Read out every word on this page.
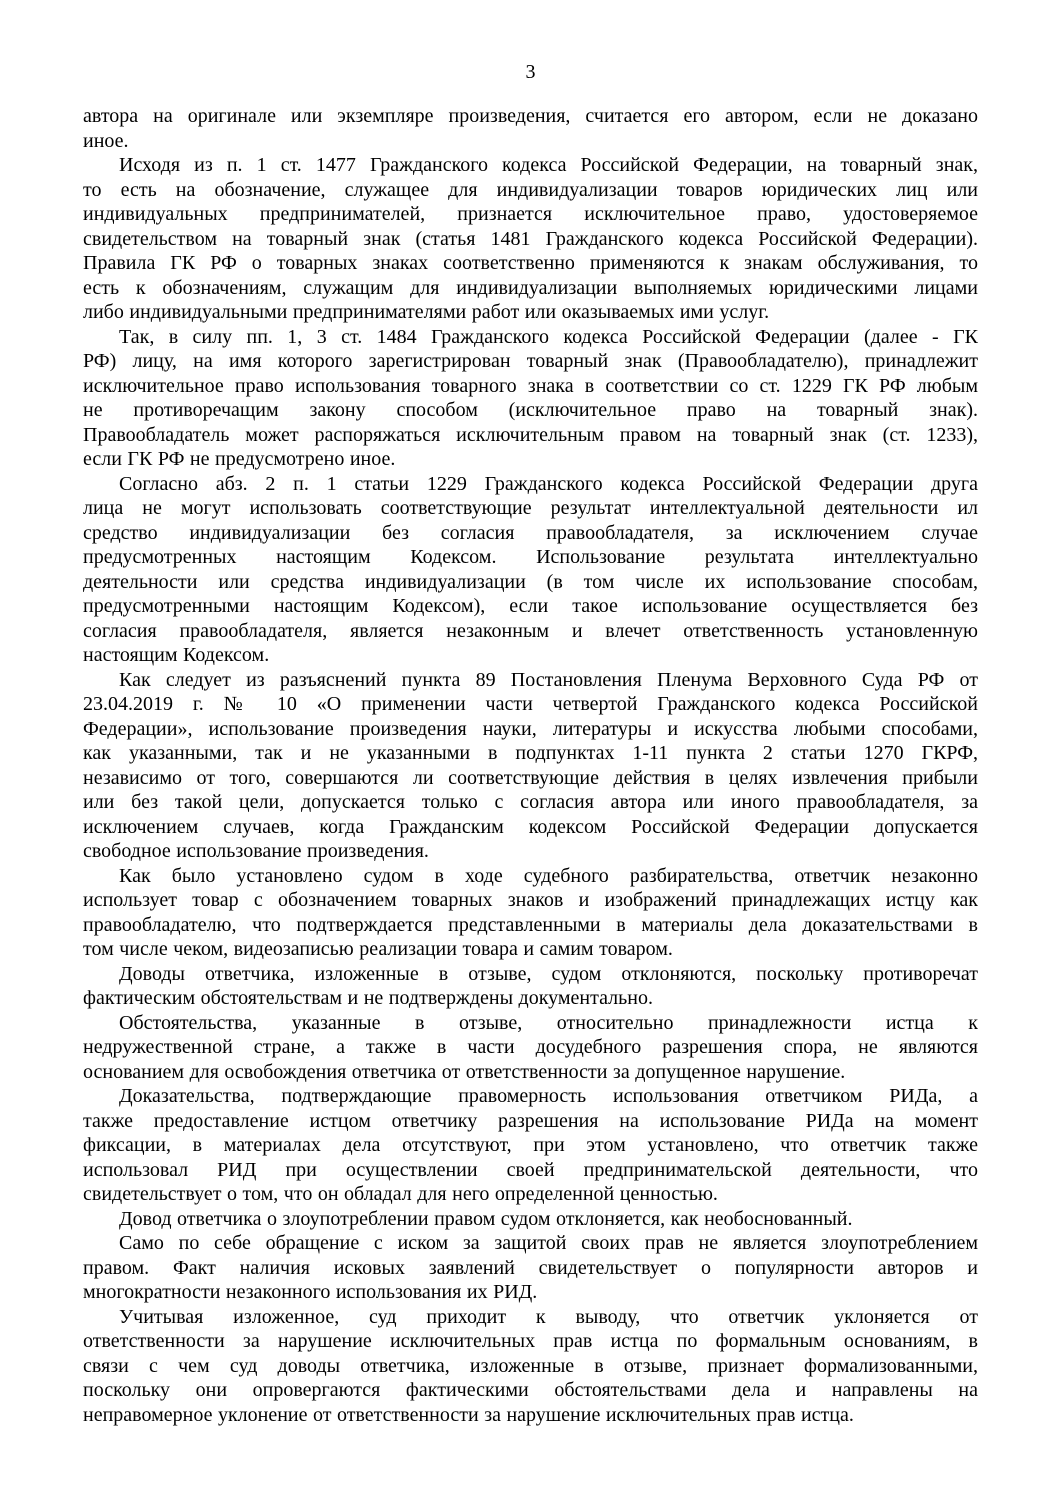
3
автора на оригинале или экземпляре произведения, считается его автором, если не доказано
иное.
Исходя из п. 1 ст. 1477 Гражданского кодекса Российской Федерации, на товарный знак,
то есть на обозначение, служащее для индивидуализации товаров юридических лиц или
индивидуальных предпринимателей, признается исключительное право, удостоверяемое
свидетельством на товарный знак (статья 1481 Гражданского кодекса Российской Федерации).
Правила ГК РФ о товарных знаках соответственно применяются к знакам обслуживания, то
есть к обозначениям, служащим для индивидуализации выполняемых юридическими лицами
либо индивидуальными предпринимателями работ или оказываемых ими услуг.
Так, в силу пп. 1, 3 ст. 1484 Гражданского кодекса Российской Федерации (далее - ГК
РФ) лицу, на имя которого зарегистрирован товарный знак (Правообладателю), принадлежит
исключительное право использования товарного знака в соответствии со ст. 1229 ГК РФ любым
не противоречащим закону способом (исключительное право на товарный знак).
Правообладатель может распоряжаться исключительным правом на товарный знак (ст. 1233),
если ГК РФ не предусмотрено иное.
Согласно абз. 2 п. 1 статьи 1229 Гражданского кодекса Российской Федерации друга
лица не могут использовать соответствующие результат интеллектуальной деятельности ил
средство индивидуализации без согласия правообладателя, за исключением случае
предусмотренных настоящим Кодексом. Использование результата интеллектуально
деятельности или средства индивидуализации (в том числе их использование способам,
предусмотренными настоящим Кодексом), если такое использование осуществляется без
согласия правообладателя, является незаконным и влечет ответственность установленную
настоящим Кодексом.
Как следует из разъяснений пункта 89 Постановления Пленума Верховного Суда РФ от
23.04.2019 г. № 10 «О применении части четвертой Гражданского кодекса Российской
Федерации», использование произведения науки, литературы и искусства любыми способами,
как указанными, так и не указанными в подпунктах 1-11 пункта 2 статьи 1270 ГКРФ,
независимо от того, совершаются ли соответствующие действия в целях извлечения прибыли
или без такой цели, допускается только с согласия автора или иного правообладателя, за
исключением случаев, когда Гражданским кодексом Российской Федерации допускается
свободное использование произведения.
Как было установлено судом в ходе судебного разбирательства, ответчик незаконно
использует товар с обозначением товарных знаков и изображений принадлежащих истцу как
правообладателю, что подтверждается представленными в материалы дела доказательствами в
том числе чеком, видеозаписью реализации товара и самим товаром.
Доводы ответчика, изложенные в отзыве, судом отклоняются, поскольку противоречат
фактическим обстоятельствам и не подтверждены документально.
Обстоятельства, указанные в отзыве, относительно принадлежности истца к
недружественной стране, а также в части досудебного разрешения спора, не являются
основанием для освобождения ответчика от ответственности за допущенное нарушение.
Доказательства, подтверждающие правомерность использования ответчиком РИДа, а
также предоставление истцом ответчику разрешения на использование РИДа на момент
фиксации, в материалах дела отсутствуют, при этом установлено, что ответчик также
использовал РИД при осуществлении своей предпринимательской деятельности, что
свидетельствует о том, что он обладал для него определенной ценностью.
Довод ответчика о злоупотреблении правом судом отклоняется, как необоснованный.
Само по себе обращение с иском за защитой своих прав не является злоупотреблением
правом. Факт наличия исковых заявлений свидетельствует о популярности авторов и
многократности незаконного использования их РИД.
Учитывая изложенное, суд приходит к выводу, что ответчик уклоняется от
ответственности за нарушение исключительных прав истца по формальным основаниям, в
связи с чем суд доводы ответчика, изложенные в отзыве, признает формализованными,
поскольку они опровергаются фактическими обстоятельствами дела и направлены на
неправомерное уклонение от ответственности за нарушение исключительных прав истца.
